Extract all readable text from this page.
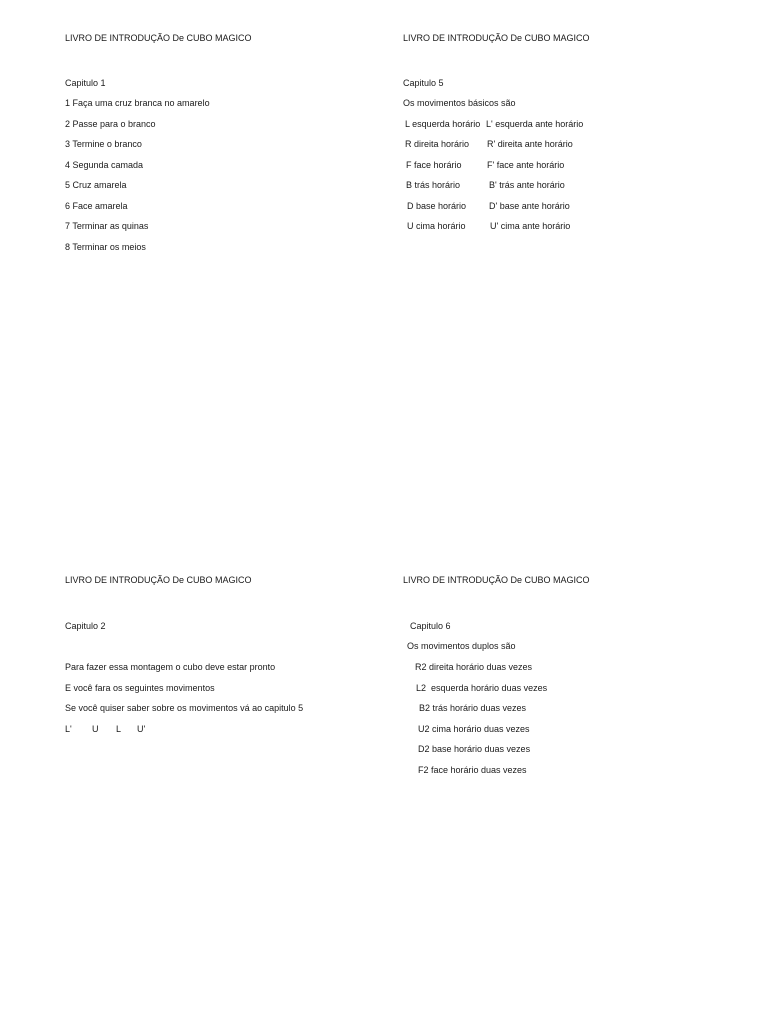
LIVRO DE INTRODUÇÃO De CUBO MAGICO
Capitulo 1
1 Faça uma cruz branca no amarelo
2 Passe para o branco
3 Termine o branco
4 Segunda camada
5 Cruz amarela
6 Face amarela
7 Terminar as quinas
8 Terminar os meios
LIVRO DE INTRODUÇÃO De CUBO MAGICO
Capitulo 5
Os movimentos básicos são
L esquerda horário L' esquerda ante horário
R direita horário R' direita ante horário
F face horário	F' face ante horário
B trás horário	B' trás ante horário
D base horário	D' base ante horário
U cima horário	U' cima ante horário
LIVRO DE INTRODUÇÃO De CUBO MAGICO
Capitulo 2
Para fazer essa montagem o cubo deve estar pronto
E você fara os seguintes movimentos
Se você quiser saber sobre os movimentos vá ao capitulo 5
L' U L U'
LIVRO DE INTRODUÇÃO De CUBO MAGICO
Capitulo 6
Os movimentos duplos são
R2 direita horário duas vezes
L2  esquerda horário duas vezes
B2 trás horário duas vezes
U2 cima horário duas vezes
D2 base horário duas vezes
F2 face horário duas vezes
